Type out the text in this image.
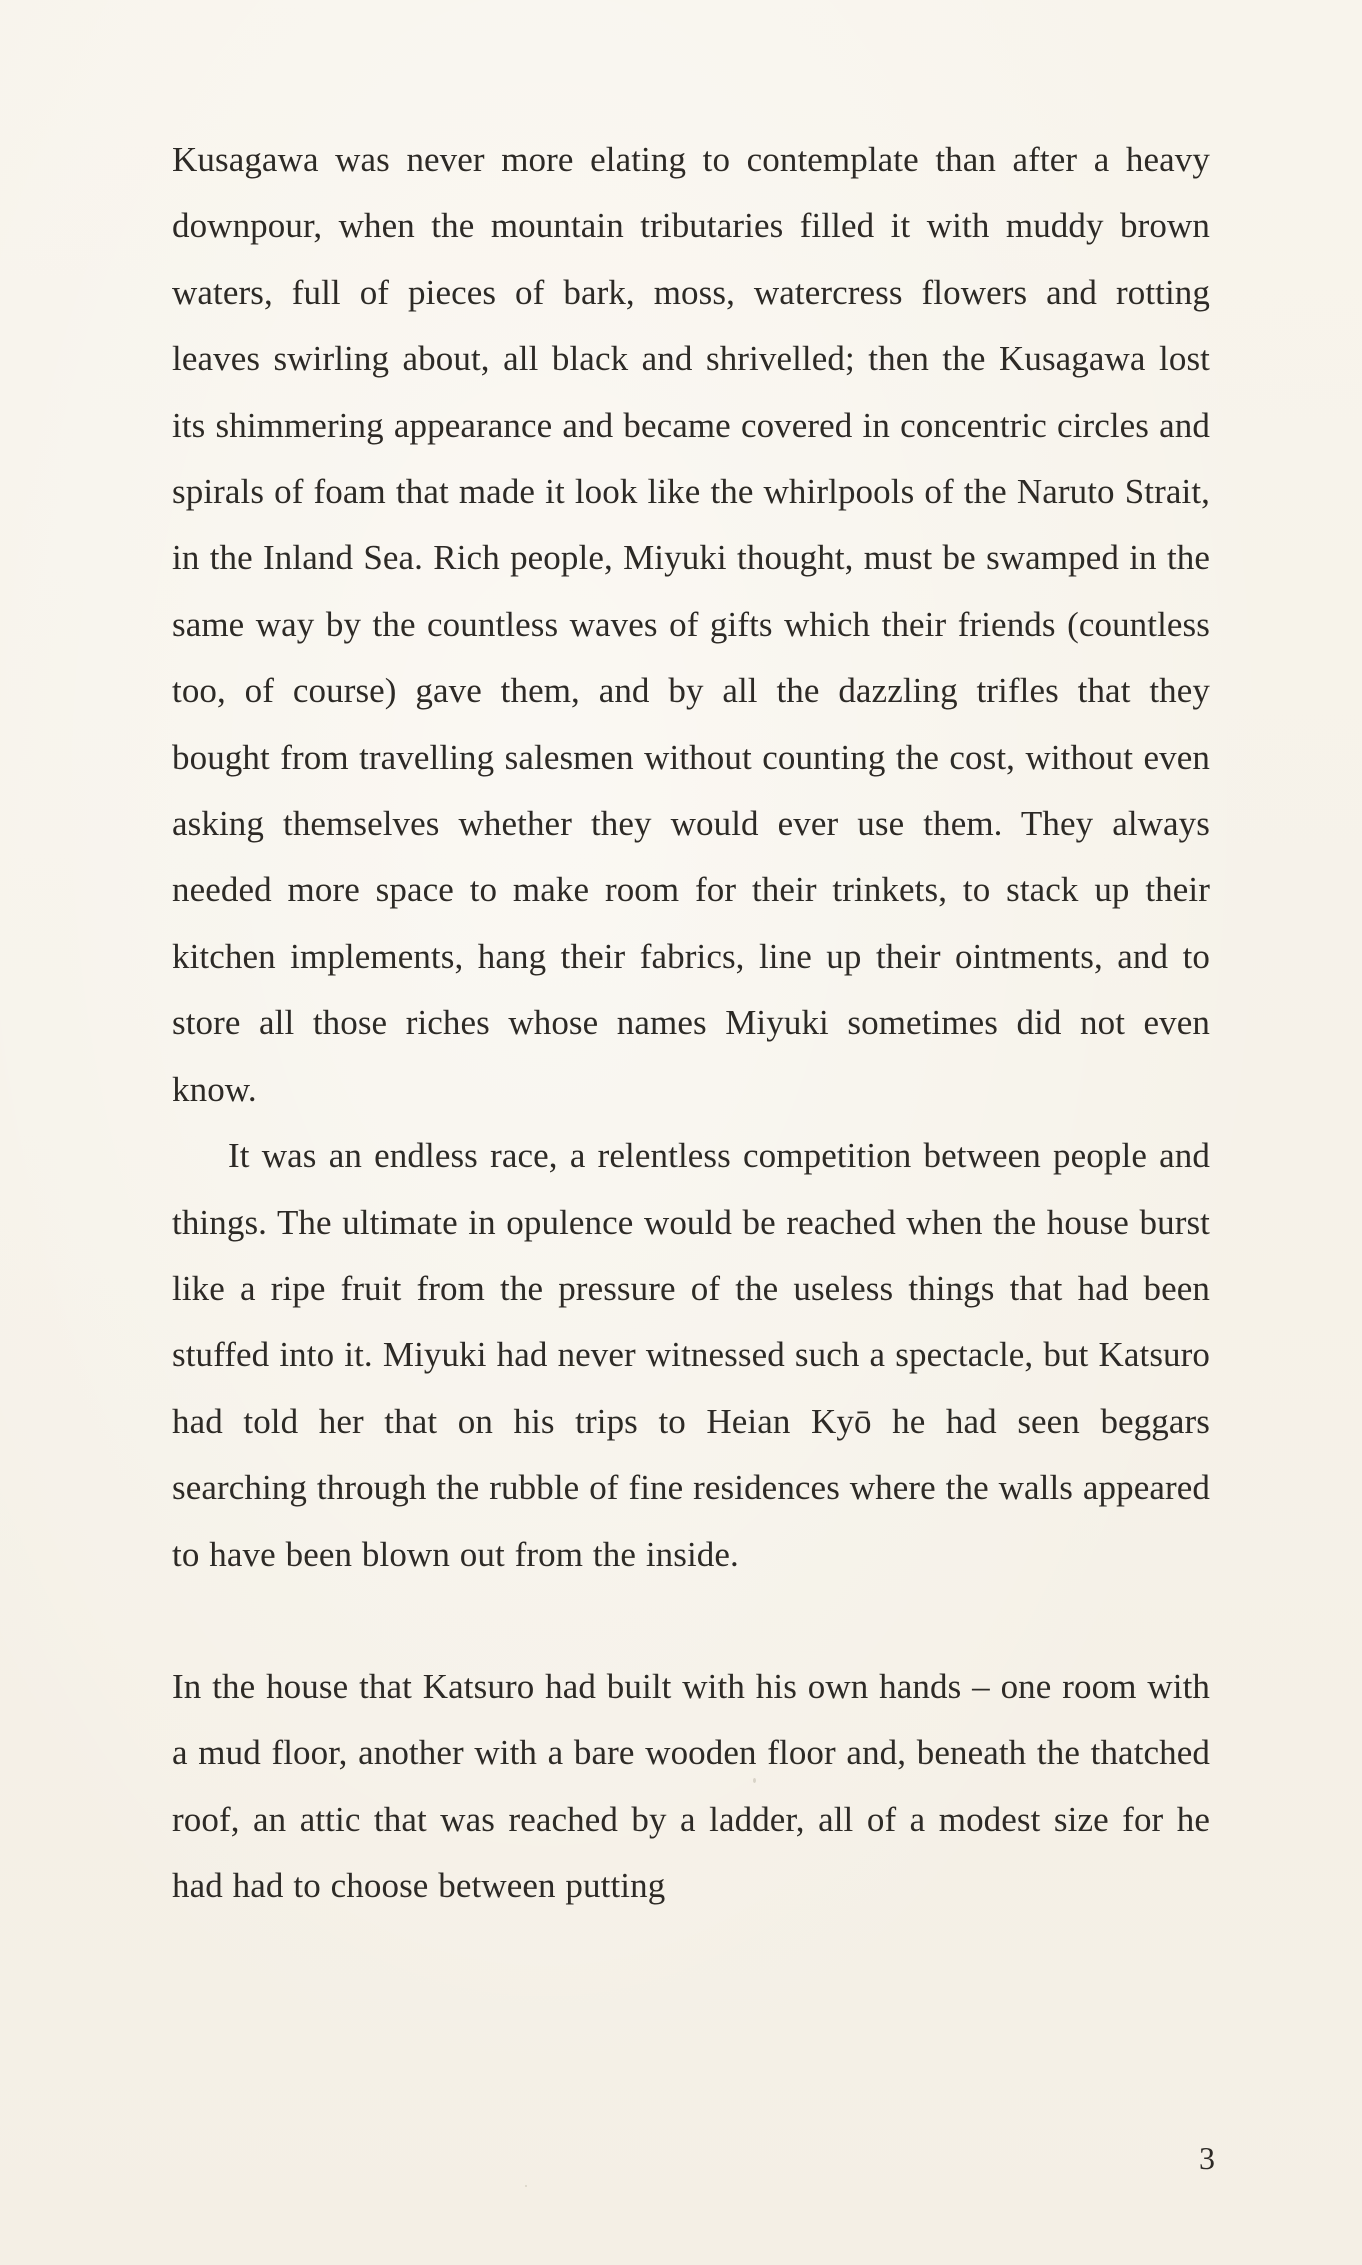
Kusagawa was never more elating to contemplate than after a heavy downpour, when the mountain tributaries filled it with muddy brown waters, full of pieces of bark, moss, watercress flowers and rotting leaves swirling about, all black and shrivelled; then the Kusagawa lost its shimmering appearance and became covered in concentric circles and spirals of foam that made it look like the whirlpools of the Naruto Strait, in the Inland Sea. Rich people, Miyuki thought, must be swamped in the same way by the countless waves of gifts which their friends (countless too, of course) gave them, and by all the dazzling trifles that they bought from travelling salesmen without counting the cost, without even asking themselves whether they would ever use them. They always needed more space to make room for their trinkets, to stack up their kitchen implements, hang their fabrics, line up their ointments, and to store all those riches whose names Miyuki sometimes did not even know.

It was an endless race, a relentless competition between people and things. The ultimate in opulence would be reached when the house burst like a ripe fruit from the pressure of the useless things that had been stuffed into it. Miyuki had never witnessed such a spectacle, but Katsuro had told her that on his trips to Heian Kyō he had seen beggars searching through the rubble of fine residences where the walls appeared to have been blown out from the inside.

In the house that Katsuro had built with his own hands – one room with a mud floor, another with a bare wooden floor and, beneath the thatched roof, an attic that was reached by a ladder, all of a modest size for he had had to choose between putting

3
